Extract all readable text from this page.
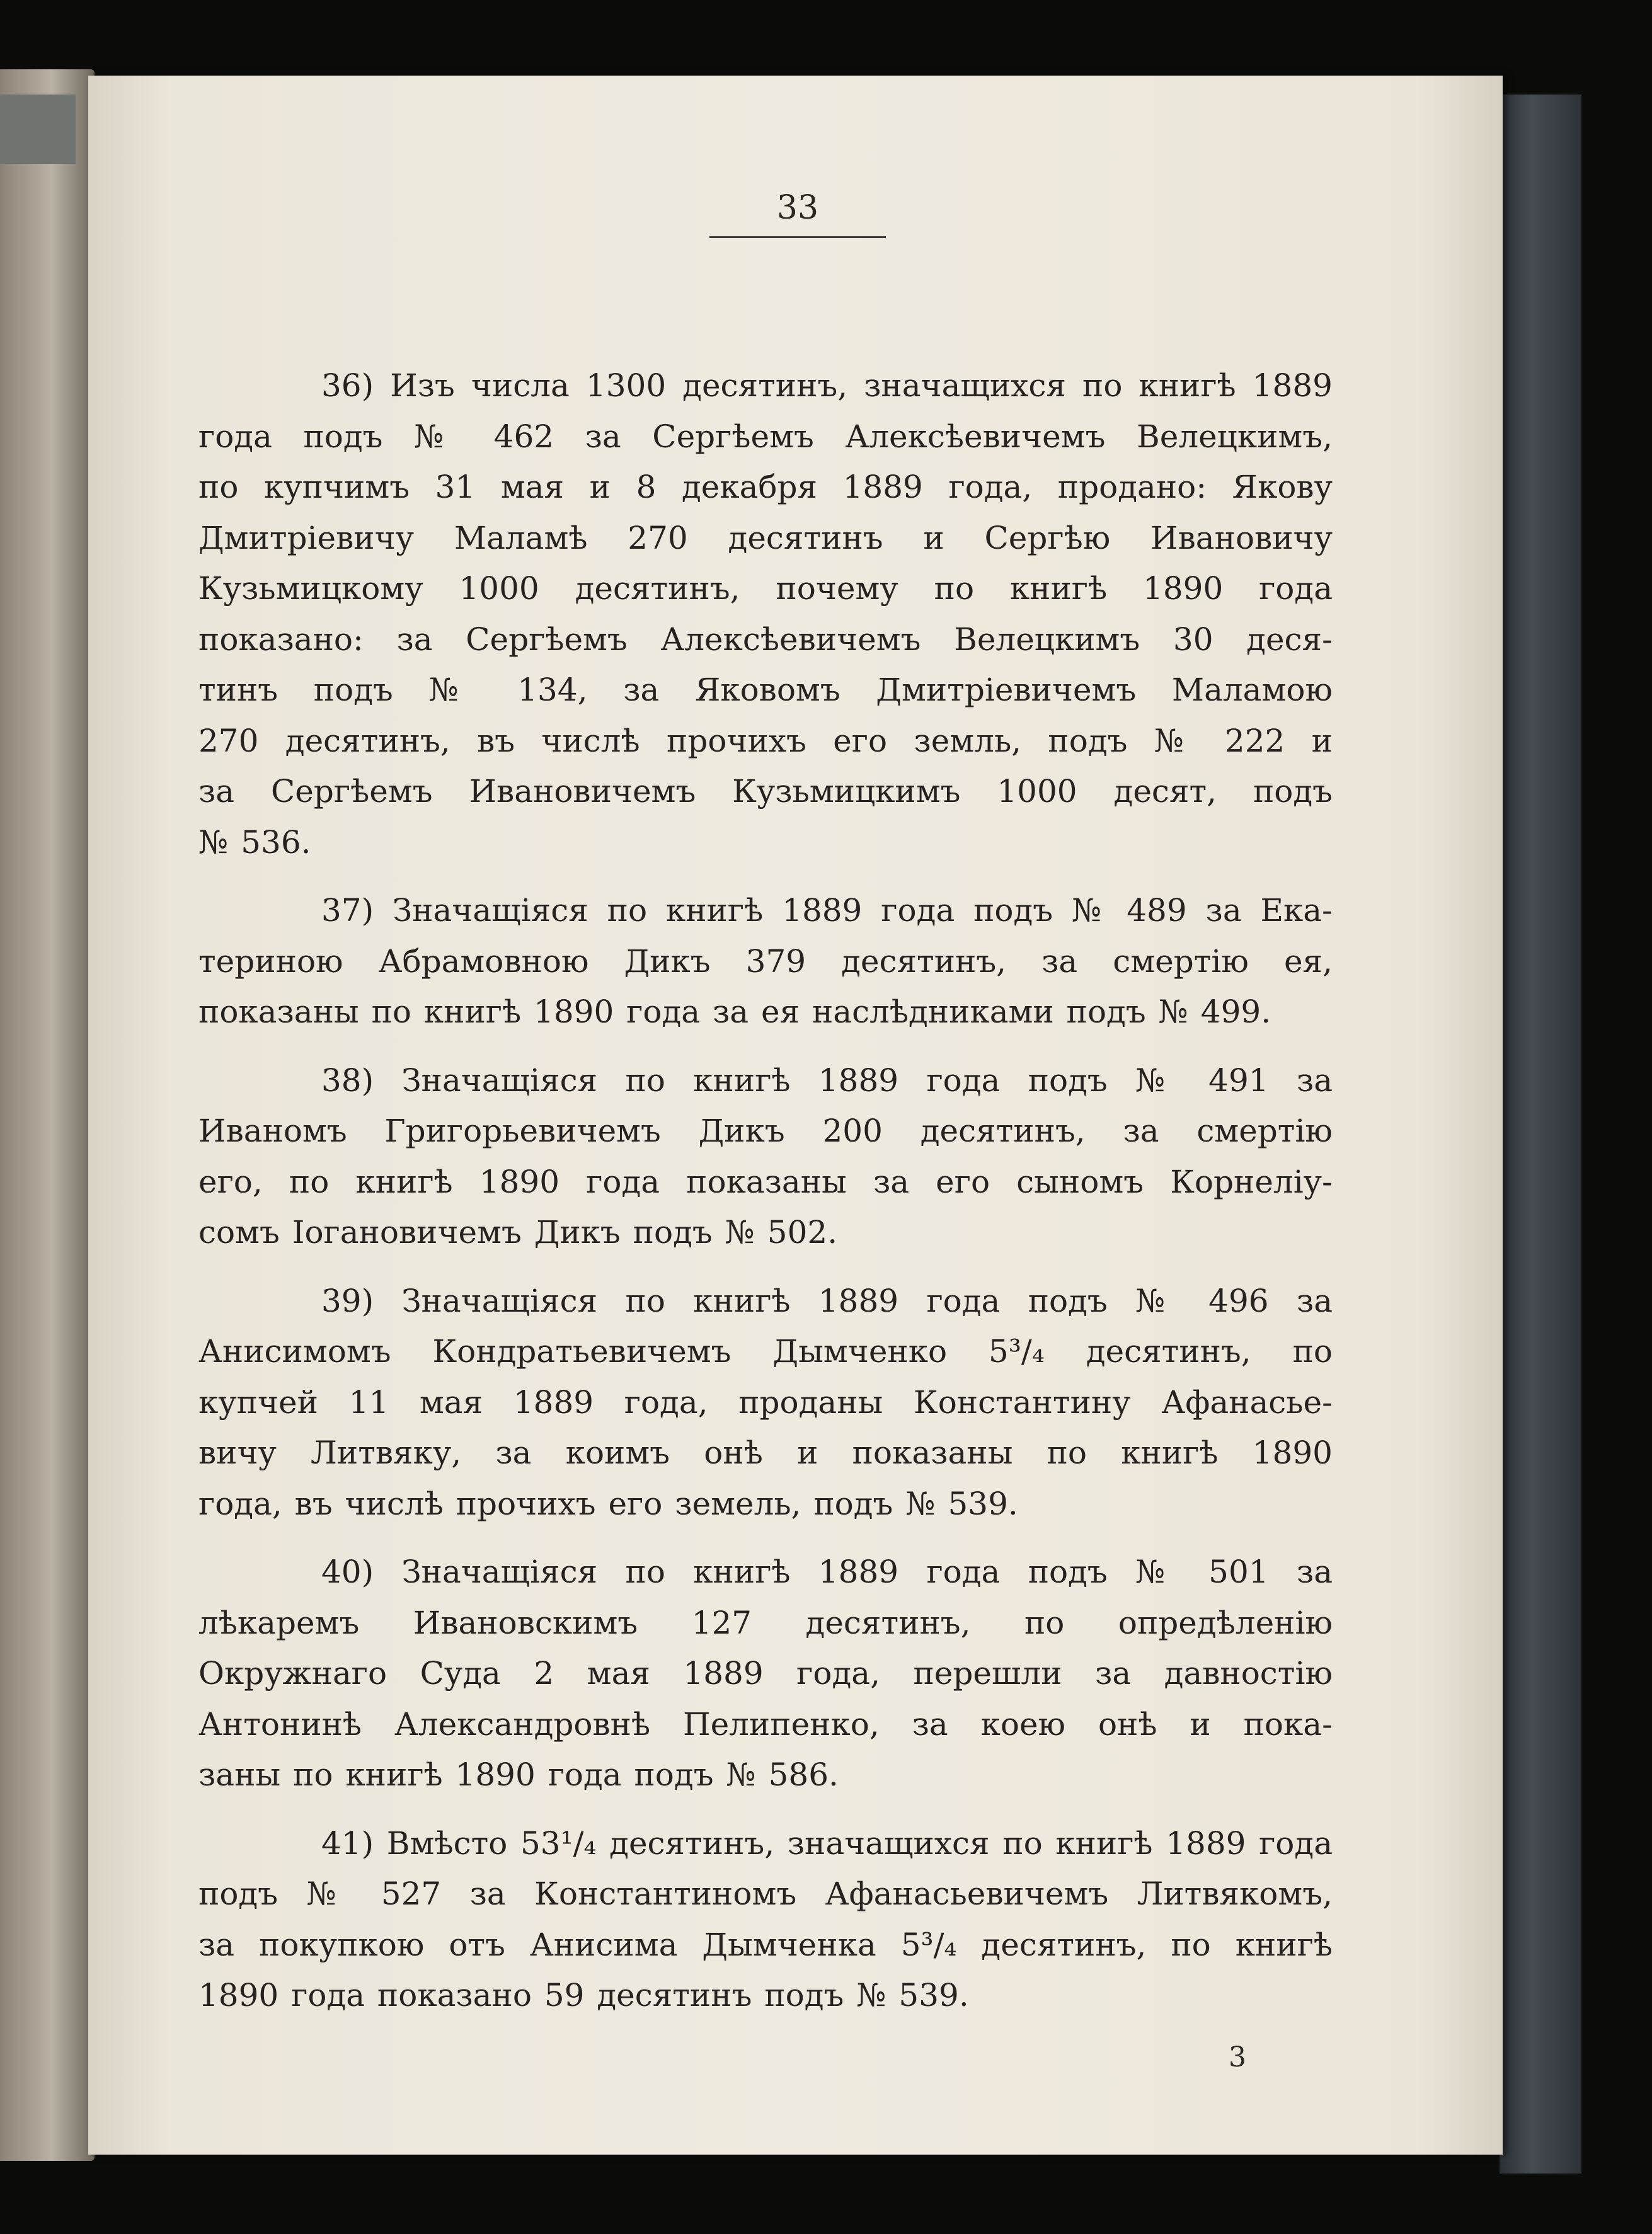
33

36) Изъ числа 1300 десятинъ, значащихся по книгѣ 1889

года подъ № 462 за Сергѣемъ Алексѣевичемъ Велецкимъ,

по купчимъ 31 мая и 8 декабря 1889 года, продано: Якову

Дмитріевичу Маламѣ 270 десятинъ и Сергѣю Ивановичу

Кузьмицкому 1000 десятинъ, почему по книгѣ 1890 года

показано: за Сергѣемъ Алексѣевичемъ Велецкимъ 30 деся-

тинъ подъ № 134, за Яковомъ Дмитріевичемъ Маламою

270 десятинъ, въ числѣ прочихъ его земль, подъ № 222 и

за Сергѣемъ Ивановичемъ Кузьмицкимъ 1000 десят, подъ

№ 536.

37) Значащіяся по книгѣ 1889 года подъ № 489 за Ека-

териною Абрамовною Дикъ 379 десятинъ, за смертію ея,

показаны по книгѣ 1890 года за ея наслѣдниками подъ № 499.

38) Значащіяся по книгѣ 1889 года подъ № 491 за

Иваномъ Григорьевичемъ Дикъ 200 десятинъ, за смертію

его, по книгѣ 1890 года показаны за его сыномъ Корнеліу-

сомъ Іогановичемъ Дикъ подъ № 502.

39) Значащіяся по книгѣ 1889 года подъ № 496 за

Анисимомъ Кондратьевичемъ Дымченко 5³/₄ десятинъ, по

купчей 11 мая 1889 года, проданы Константину Афанасье-

вичу Литвяку, за коимъ онѣ и показаны по книгѣ 1890

года, въ числѣ прочихъ его земель, подъ № 539.

40) Значащіяся по книгѣ 1889 года подъ № 501 за

лѣкаремъ Ивановскимъ 127 десятинъ, по опредѣленію

Окружнаго Суда 2 мая 1889 года, перешли за давностію

Антонинѣ Александровнѣ Пелипенко, за коею онѣ и пока-

заны по книгѣ 1890 года подъ № 586.

41) Вмѣсто 53¹/₄ десятинъ, значащихся по книгѣ 1889 года

подъ № 527 за Константиномъ Афанасьевичемъ Литвякомъ,

за покупкою отъ Анисима Дымченка 5³/₄ десятинъ, по книгѣ

1890 года показано 59 десятинъ подъ № 539.

3
